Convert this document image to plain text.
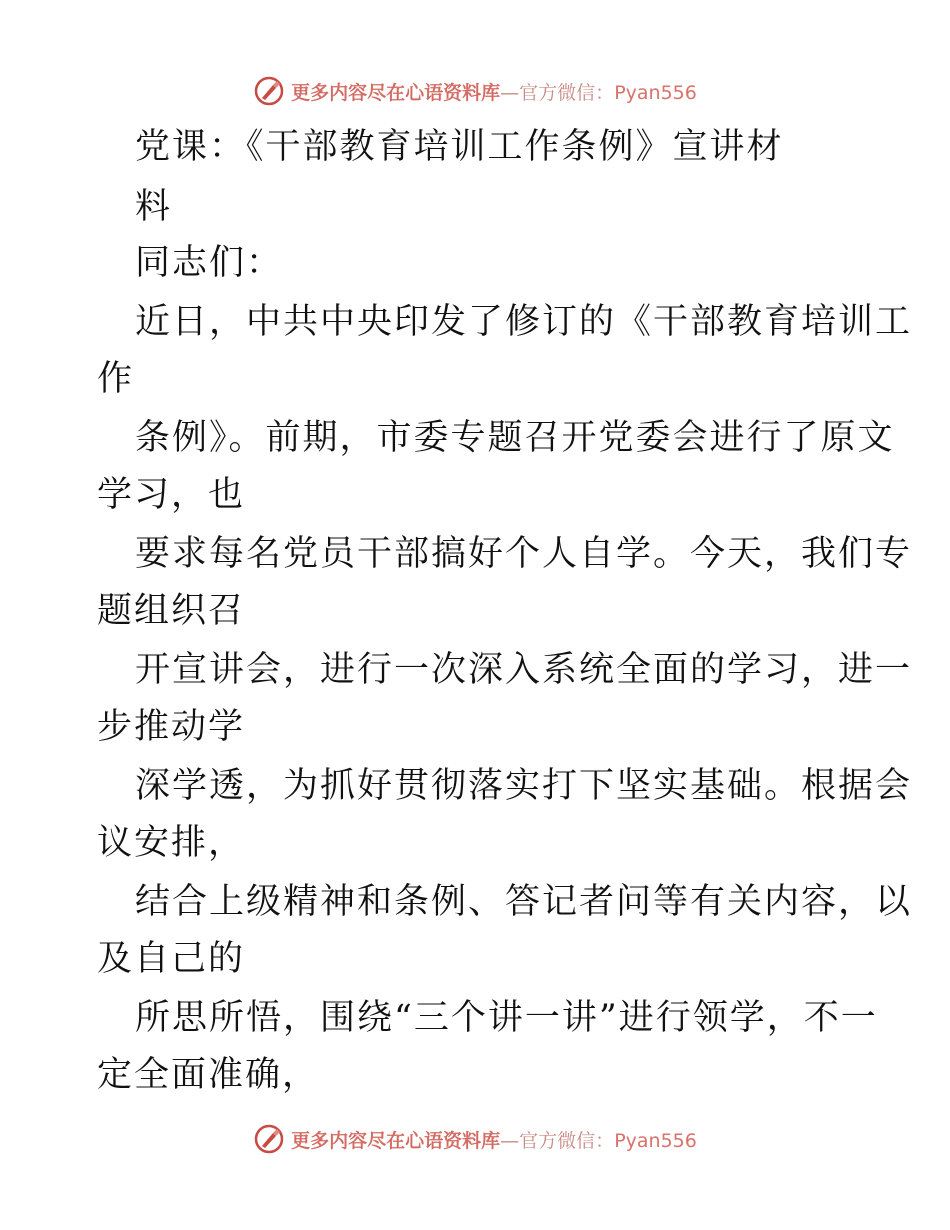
更多内容尽在心语资料库—官方微信：Pyan556
党课：《干部教育培训工作条例》宣讲材
料
同志们：
近日，中共中央印发了修订的《干部教育培训工
作
条例》。前期，市委专题召开党委会进行了原文
学习，也
要求每名党员干部搞好个人自学。今天，我们专
题组织召
开宣讲会，进行一次深入系统全面的学习，进一
步推动学
深学透，为抓好贯彻落实打下坚实基础。根据会
议安排，
结合上级精神和条例、答记者问等有关内容，以
及自己的
所思所悟，围绕“三个讲一讲”进行领学，不一
定全面准确，
更多内容尽在心语资料库—官方微信：Pyan556
